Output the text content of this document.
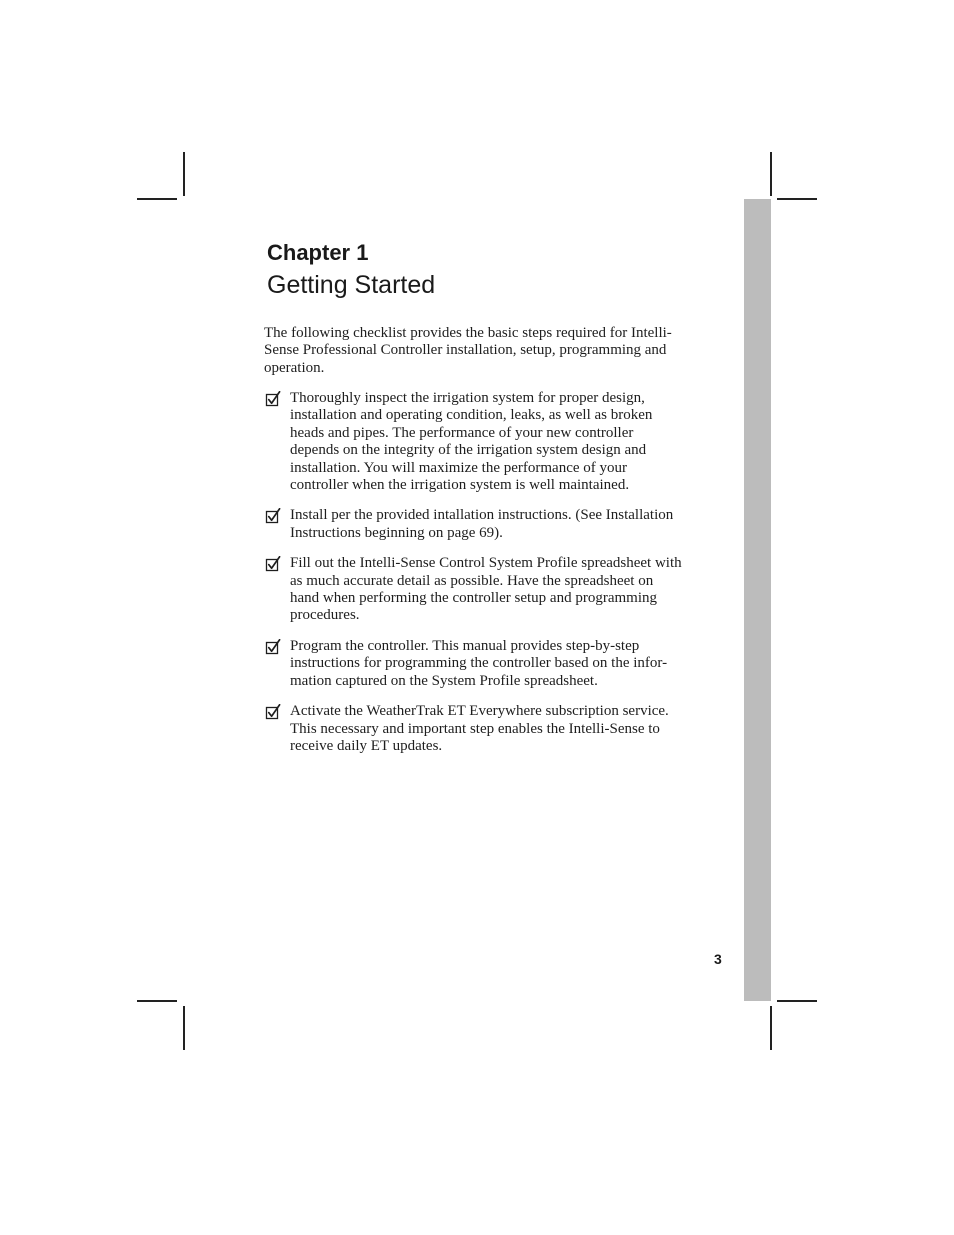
Chapter 1
Getting Started

The following checklist provides the basic steps required for Intelli-Sense Professional Controller installation, setup, programming and operation.

Thoroughly inspect the irrigation system for proper design,
installation and operating condition, leaks, as well as broken
heads and pipes. The performance of your new controller
depends on the integrity of the irrigation system design and
installation. You will maximize the performance of your
controller when the irrigation system is well maintained.
Install per the provided intallation instructions. (See Installation
Instructions beginning on page 69).
Fill out the Intelli-Sense Control System Profile spreadsheet with
as much accurate detail as possible. Have the spreadsheet on
hand when performing the controller setup and programming
procedures.
Program the controller. This manual provides step-by-step
instructions for programming the controller based on the infor-
mation captured on the System Profile spreadsheet.
Activate the WeatherTrak ET Everywhere subscription service.
This necessary and important step enables the Intelli-Sense to
receive daily ET updates.
3
